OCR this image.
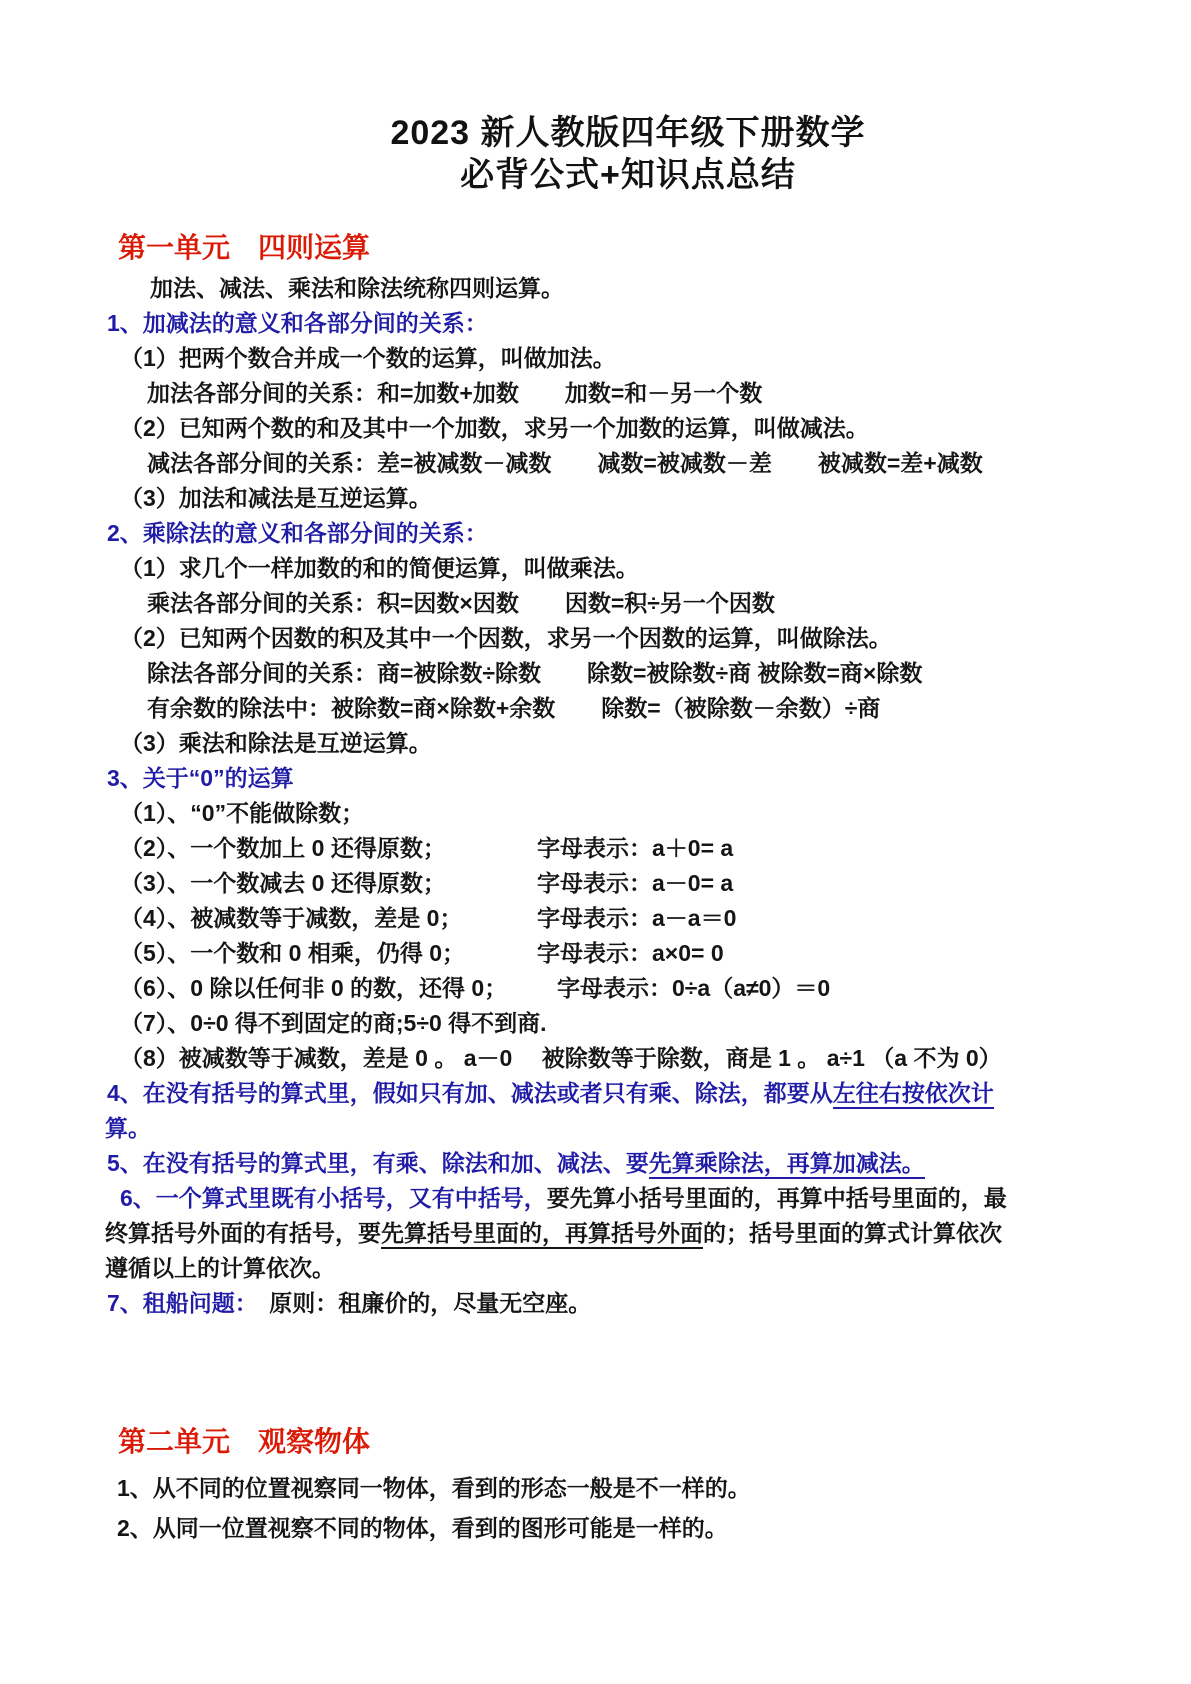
2023 新人教版四年级下册数学
必背公式+知识点总结
第一单元　四则运算
加法、减法、乘法和除法统称四则运算。
1、加减法的意义和各部分间的关系：
（1）把两个数合并成一个数的运算，叫做加法。
加法各部分间的关系：和=加数+加数　　加数=和－另一个数
（2）已知两个数的和及其中一个加数，求另一个加数的运算，叫做减法。
减法各部分间的关系：差=被减数－减数　　减数=被减数－差　　被减数=差+减数
（3）加法和减法是互逆运算。
2、乘除法的意义和各部分间的关系：
（1）求几个一样加数的和的简便运算，叫做乘法。
乘法各部分间的关系：积=因数×因数　　因数=积÷另一个因数
（2）已知两个因数的积及其中一个因数，求另一个因数的运算，叫做除法。
除法各部分间的关系：商=被除数÷除数　　除数=被除数÷商 被除数=商×除数
有余数的除法中：被除数=商×除数+余数　　除数=（被除数－余数）÷商
（3）乘法和除法是互逆运算。
3、关于“0”的运算
（1）、“0”不能做除数；
（2）、一个数加上 0 还得原数；	字母表示：a＋0= a
（3）、一个数减去 0 还得原数；	字母表示：a－0= a
（4）、被减数等于减数，差是 0；	字母表示：a－a＝0
（5）、一个数和 0 相乘，仍得 0；	字母表示：a×0= 0
（6）、0 除以任何非 0 的数，还得 0； 字母表示：0÷a（a≠0）＝0
（7）、0÷0 得不到固定的商;5÷0 得不到商.
（8）被减数等于减数，差是 0 。 a－0　 被除数等于除数，商是 1 。 a÷1 （a 不为 0）
4、在没有括号的算式里，假如只有加、减法或者只有乘、除法，都要从左往右按依次计
算。
5、在没有括号的算式里，有乘、除法和加、减法、要先算乘除法，再算加减法。
6、一个算式里既有小括号，又有中括号，要先算小括号里面的，再算中括号里面的，最
终算括号外面的有括号，要先算括号里面的，再算括号外面的；括号里面的算式计算依次
遵循以上的计算依次。
7、租船问题：　原则：租廉价的，尽量无空座。
第二单元　观察物体
1、从不同的位置视察同一物体，看到的形态一般是不一样的。
2、从同一位置视察不同的物体，看到的图形可能是一样的。
